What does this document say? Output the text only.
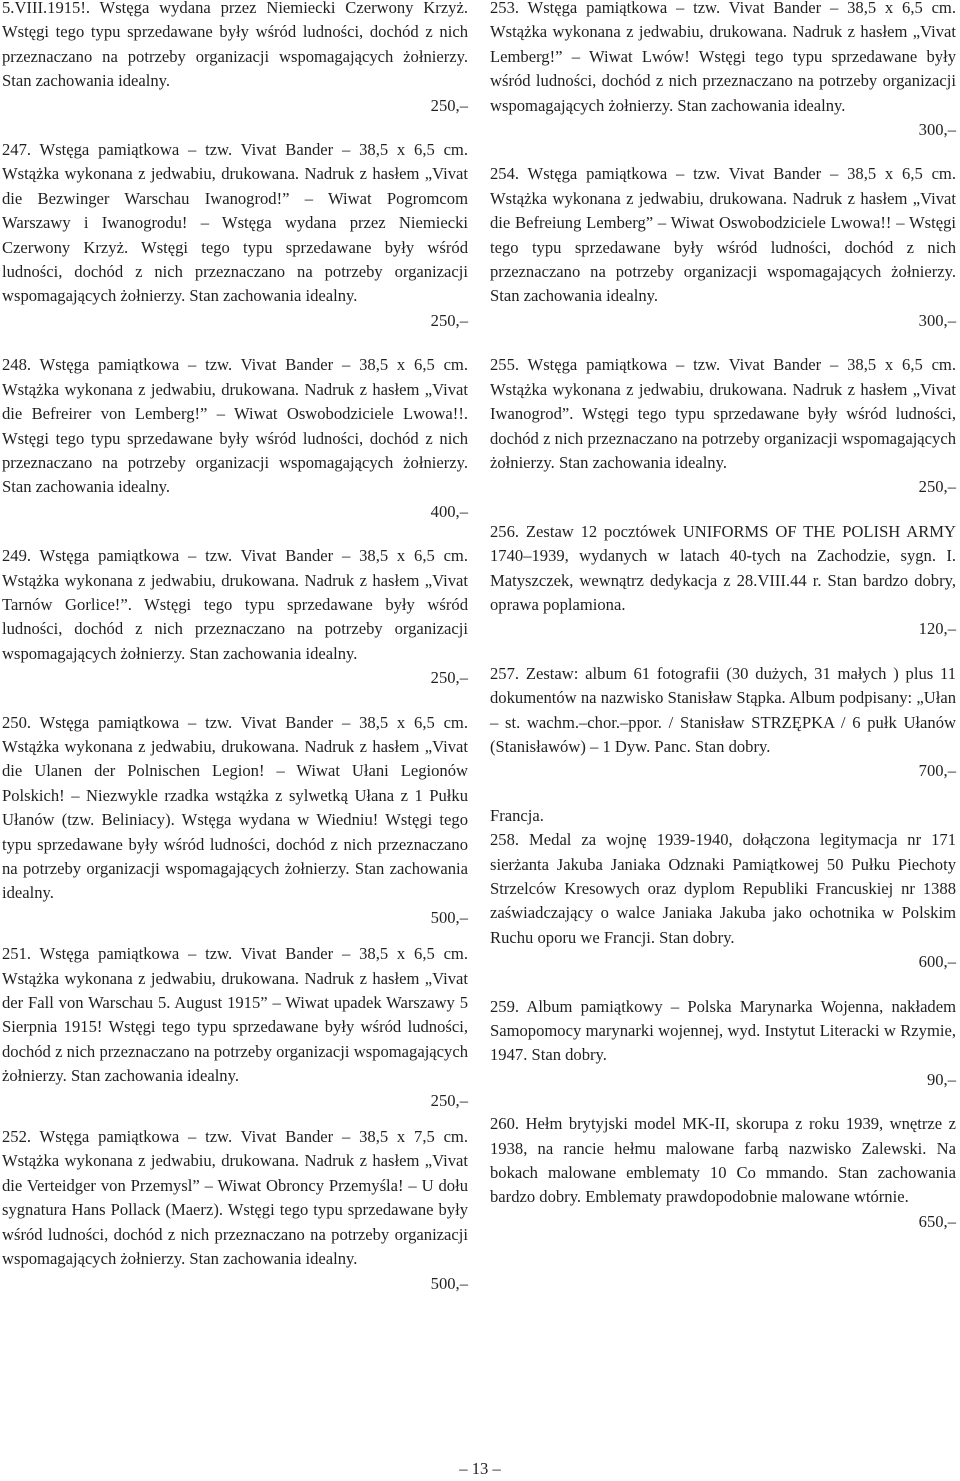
5.VIII.1915!. Wstęga wydana przez Niemiecki Czerwony Krzyż. Wstęgi tego typu sprzedawane były wśród ludności, dochód z nich przeznaczano na potrzeby organizacji wspomagających żołnierzy. Stan zachowania idealny.

250,–

247. Wstęga pamiątkowa – tzw. Vivat Bander – 38,5 x 6,5 cm. Wstążka wykonana z jedwabiu, drukowana. Nadruk z hasłem „Vivat die Bezwinger Warschau Iwanogrod!” – Wiwat Pogromcom Warszawy i Iwanogrodu! – Wstęga wydana przez Niemiecki Czerwony Krzyż. Wstęgi tego typu sprzedawane były wśród ludności, dochód z nich przeznaczano na potrzeby organizacji wspomagających żołnierzy. Stan zachowania idealny.

250,–

248. Wstęga pamiątkowa – tzw. Vivat Bander – 38,5 x 6,5 cm. Wstążka wykonana z jedwabiu, drukowana. Nadruk z hasłem „Vivat die Befreirer von Lemberg!” – Wiwat Oswobodziciele Lwowa!!. Wstęgi tego typu sprzedawane były wśród ludności, dochód z nich przeznaczano na potrzeby organizacji wspomagających żołnierzy. Stan zachowania idealny.

400,–

249. Wstęga pamiątkowa – tzw. Vivat Bander – 38,5 x 6,5 cm. Wstążka wykonana z jedwabiu, drukowana. Nadruk z hasłem „Vivat Tarnów Gorlice!”. Wstęgi tego typu sprzedawane były wśród ludności, dochód z nich przeznaczano na potrzeby organizacji wspomagających żołnierzy. Stan zachowania idealny.

250,–

250. Wstęga pamiątkowa – tzw. Vivat Bander – 38,5 x 6,5 cm. Wstążka wykonana z jedwabiu, drukowana. Nadruk z hasłem „Vivat die Ulanen der Polnischen Legion! – Wiwat Ułani Legionów Polskich! – Niezwykle rzadka wstążka z sylwetką Ułana z 1 Pułku Ułanów (tzw. Beliniacy). Wstęga wydana w Wiedniu! Wstęgi tego typu sprzedawane były wśród ludności, dochód z nich przeznaczano na potrzeby organizacji wspomagających żołnierzy. Stan zachowania idealny.

500,–

251. Wstęga pamiątkowa – tzw. Vivat Bander – 38,5 x 6,5 cm. Wstążka wykonana z jedwabiu, drukowana. Nadruk z hasłem „Vivat der Fall von Warschau 5. August 1915” – Wiwat upadek Warszawy 5 Sierpnia 1915! Wstęgi tego typu sprzedawane były wśród ludności, dochód z nich przeznaczano na potrzeby organizacji wspomagających żołnierzy. Stan zachowania idealny.

250,–

252. Wstęga pamiątkowa – tzw. Vivat Bander – 38,5 x 7,5 cm. Wstążka wykonana z jedwabiu, drukowana. Nadruk z hasłem „Vivat die Verteidger von Przemysl” – Wiwat Obroncy Przemyśla! – U dołu sygnatura Hans Pollack (Maerz). Wstęgi tego typu sprzedawane były wśród ludności, dochód z nich przeznaczano na potrzeby organizacji wspomagających żołnierzy. Stan zachowania idealny.

500,–

253. Wstęga pamiątkowa – tzw. Vivat Bander – 38,5 x 6,5 cm. Wstążka wykonana z jedwabiu, drukowana. Nadruk z hasłem „Vivat Lemberg!” – Wiwat Lwów! Wstęgi tego typu sprzedawane były wśród ludności, dochód z nich przeznaczano na potrzeby organizacji wspomagających żołnierzy. Stan zachowania idealny.

300,–

254. Wstęga pamiątkowa – tzw. Vivat Bander – 38,5 x 6,5 cm. Wstążka wykonana z jedwabiu, drukowana. Nadruk z hasłem „Vivat die Befreiung Lemberg” – Wiwat Oswobodziciele Lwowa!! – Wstęgi tego typu sprzedawane były wśród ludności, dochód z nich przeznaczano na potrzeby organizacji wspomagających żołnierzy. Stan zachowania idealny.

300,–

255. Wstęga pamiątkowa – tzw. Vivat Bander – 38,5 x 6,5 cm. Wstążka wykonana z jedwabiu, drukowana. Nadruk z hasłem „Vivat Iwanogrod”. Wstęgi tego typu sprzedawane były wśród ludności, dochód z nich przeznaczano na potrzeby organizacji wspomagających żołnierzy. Stan zachowania idealny.

250,–

256. Zestaw 12 pocztówek UNIFORMS OF THE POLISH ARMY 1740–1939, wydanych w latach 40-tych na Zachodzie, sygn. I. Matyszczek, wewnątrz dedykacja z 28.VIII.44 r. Stan bardzo dobry, oprawa poplamiona.

120,–

257. Zestaw: album 61 fotografii (30 dużych, 31 małych ) plus 11 dokumentów na nazwisko Stanisław Stąpka. Album podpisany: „Ułan – st. wachm.–chor.–ppor. / Stanisław STRZĘPKA / 6 pułk Ułanów (Stanisławów) – 1 Dyw. Panc. Stan dobry.

700,–

Francja.

258. Medal za wojnę 1939-1940, dołączona legitymacja nr 171 sierżanta Jakuba Janiaka Odznaki Pamiątkowej 50 Pułku Piechoty Strzelców Kresowych oraz dyplom Republiki Francuskiej nr 1388 zaświadczający o walce Janiaka Jakuba jako ochotnika w Polskim Ruchu oporu we Francji. Stan dobry.

600,–

259. Album pamiątkowy – Polska Marynarka Wojenna, nakładem Samopomocy marynarki wojennej, wyd. Instytut Literacki w Rzymie, 1947. Stan dobry.

90,–

260. Hełm brytyjski model MK-II, skorupa z roku 1939, wnętrze z 1938, na rancie hełmu malowane farbą nazwisko Zalewski. Na bokach malowane emblematy 10 Co mmando. Stan zachowania bardzo dobry. Emblematy prawdopodobnie malowane wtórnie.

650,–

– 13 –
